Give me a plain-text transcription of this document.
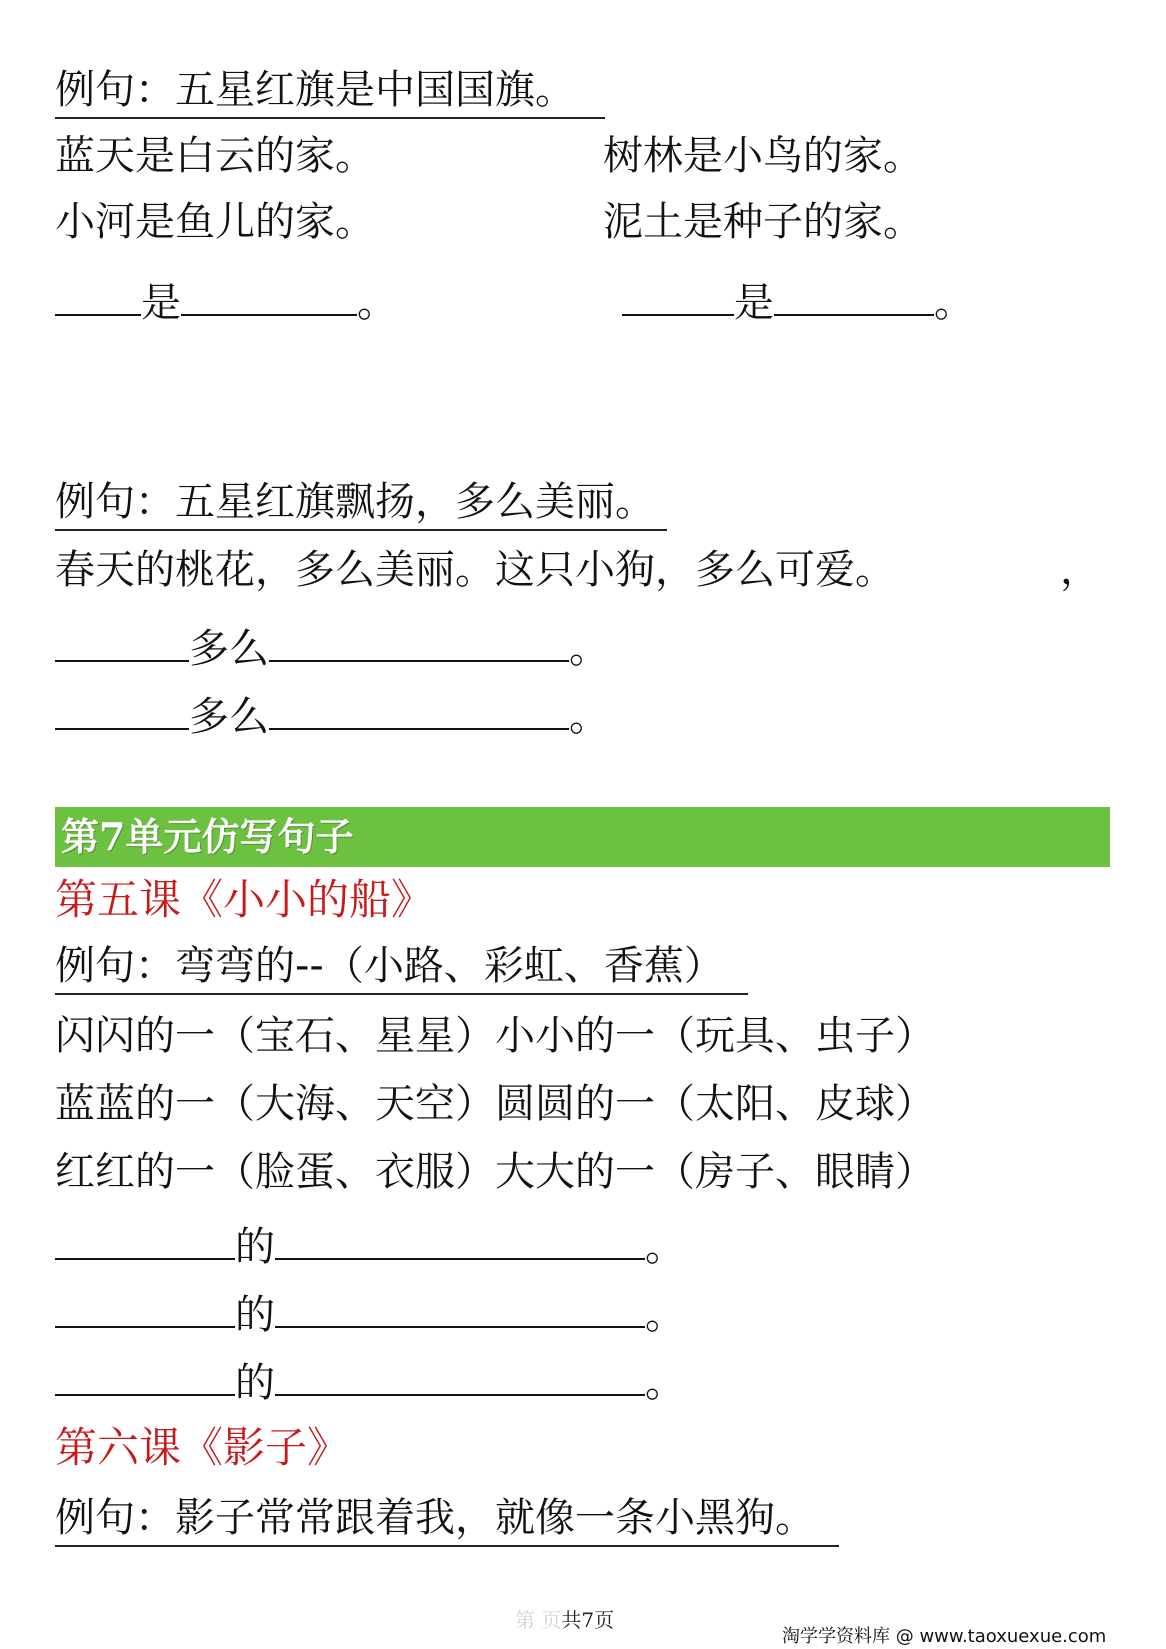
例句：五星红旗是中国国旗。
蓝天是白云的家。	树林是小鸟的家。
小河是鱼儿的家。	泥土是种子的家。
是	。	是	。
例句：五星红旗飘扬，多么美丽。
春天的桃花，多么美丽。这只小狗，多么可爱。	，
多么	。
多么	。
第7单元仿写句子
第五课《小小的船》
例句：弯弯的--（小路、彩虹、香蕉）
闪闪的一（宝石、星星）小小的一（玩具、虫子）
蓝蓝的一（大海、天空）圆圆的一（太阳、皮球）
红红的一（脸蛋、衣服）大大的一（房子、眼睛）
的	。
的	。
的	。
第六课《影子》
例句：影子常常跟着我，就像一条小黑狗。
第 页共7页
淘学学资料库 @ www.taoxuexue.com
